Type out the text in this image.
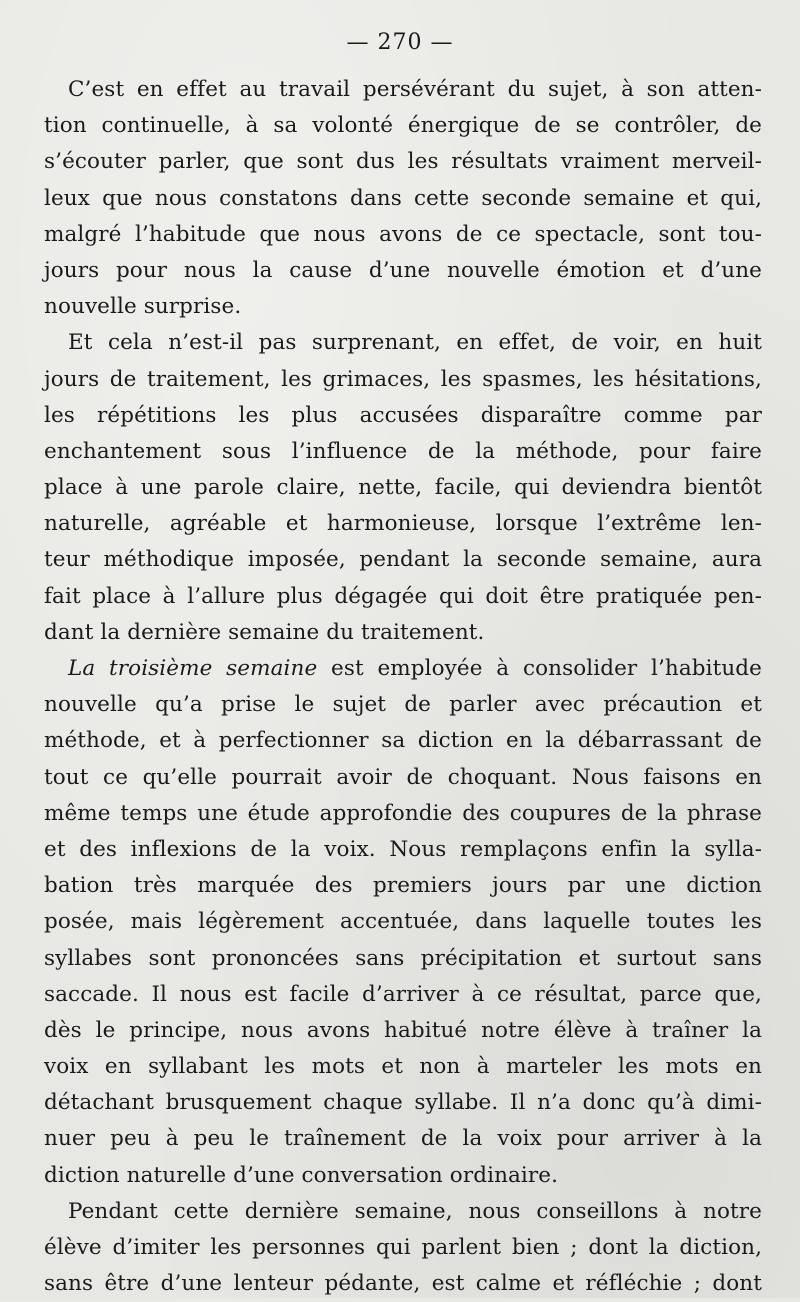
— 270 —
C’est en effet au travail persévérant du sujet, à son atten-
tion continuelle, à sa volonté énergique de se contrôler, de
s’écouter parler, que sont dus les résultats vraiment merveil-
leux que nous constatons dans cette seconde semaine et qui,
malgré l’habitude que nous avons de ce spectacle, sont tou-
jours pour nous la cause d’une nouvelle émotion et d’une
nouvelle surprise.
Et cela n’est-il pas surprenant, en effet, de voir, en huit
jours de traitement, les grimaces, les spasmes, les hésitations,
les répétitions les plus accusées disparaître comme par
enchantement sous l’influence de la méthode, pour faire
place à une parole claire, nette, facile, qui deviendra bientôt
naturelle, agréable et harmonieuse, lorsque l’extrême len-
teur méthodique imposée, pendant la seconde semaine, aura
fait place à l’allure plus dégagée qui doit être pratiquée pen-
dant la dernière semaine du traitement.
La troisième semaine est employée à consolider l’habitude
nouvelle qu’a prise le sujet de parler avec précaution et
méthode, et à perfectionner sa diction en la débarrassant de
tout ce qu’elle pourrait avoir de choquant. Nous faisons en
même temps une étude approfondie des coupures de la phrase
et des inflexions de la voix. Nous remplaçons enfin la sylla-
bation très marquée des premiers jours par une diction
posée, mais légèrement accentuée, dans laquelle toutes les
syllabes sont prononcées sans précipitation et surtout sans
saccade. Il nous est facile d’arriver à ce résultat, parce que,
dès le principe, nous avons habitué notre élève à traîner la
voix en syllabant les mots et non à marteler les mots en
détachant brusquement chaque syllabe. Il n’a donc qu’à dimi-
nuer peu à peu le traînement de la voix pour arriver à la
diction naturelle d’une conversation ordinaire.
Pendant cette dernière semaine, nous conseillons à notre
élève d’imiter les personnes qui parlent bien ; dont la diction,
sans être d’une lenteur pédante, est calme et réfléchie ; dont
